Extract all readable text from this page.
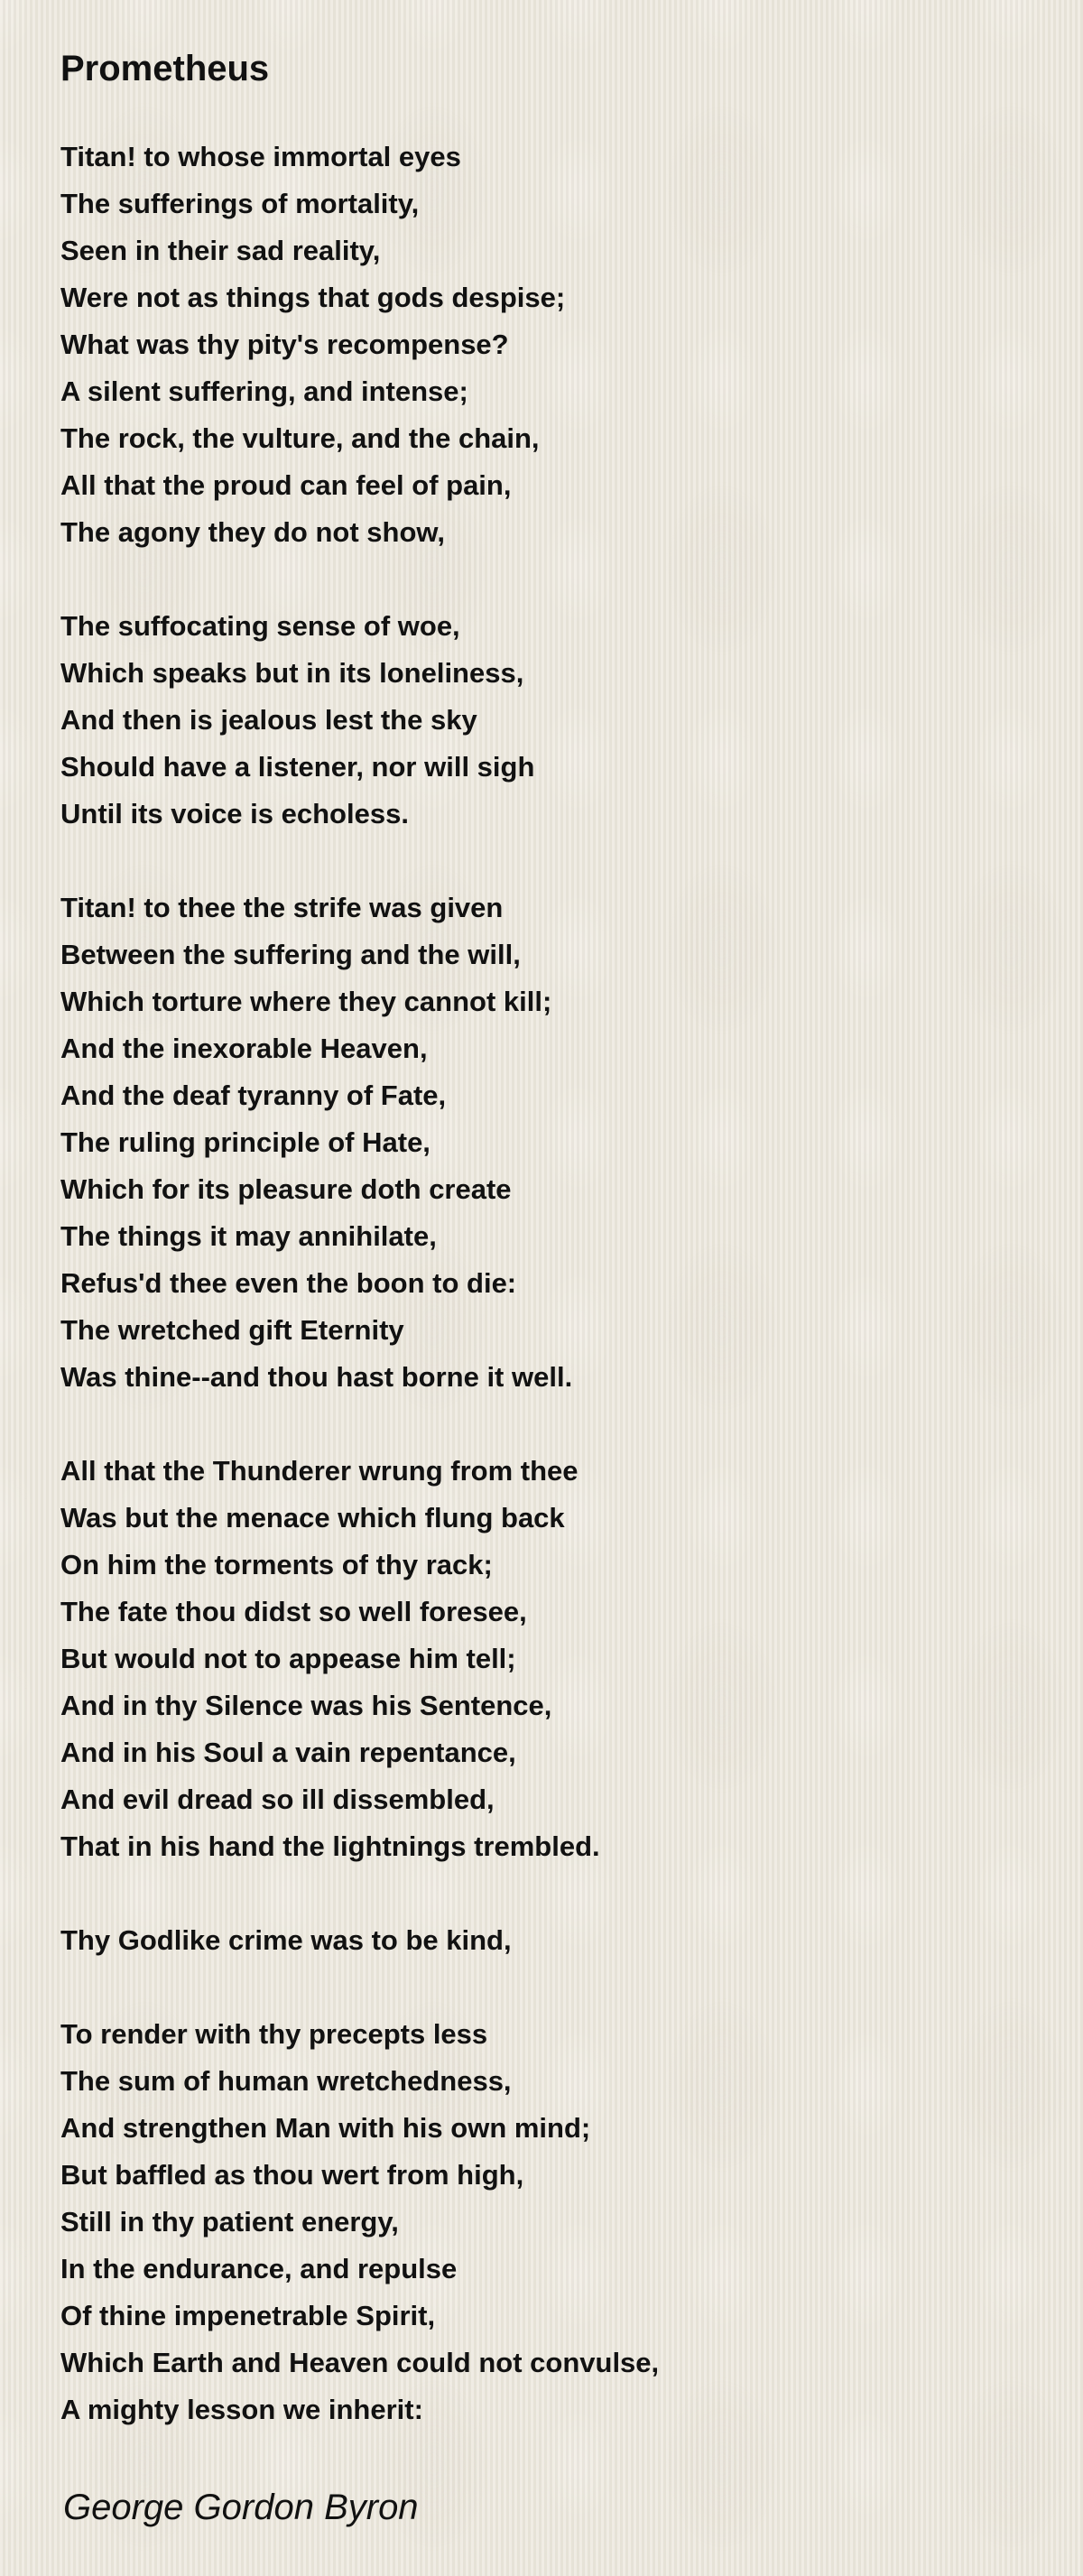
Prometheus
Titan! to whose immortal eyes
The sufferings of mortality,
Seen in their sad reality,
Were not as things that gods despise;
What was thy pity's recompense?
A silent suffering, and intense;
The rock, the vulture, and the chain,
All that the proud can feel of pain,
The agony they do not show,
The suffocating sense of woe,
Which speaks but in its loneliness,
And then is jealous lest the sky
Should have a listener, nor will sigh
Until its voice is echoless.
Titan! to thee the strife was given
Between the suffering and the will,
Which torture where they cannot kill;
And the inexorable Heaven,
And the deaf tyranny of Fate,
The ruling principle of Hate,
Which for its pleasure doth create
The things it may annihilate,
Refus'd thee even the boon to die:
The wretched gift Eternity
Was thine--and thou hast borne it well.
All that the Thunderer wrung from thee
Was but the menace which flung back
On him the torments of thy rack;
The fate thou didst so well foresee,
But would not to appease him tell;
And in thy Silence was his Sentence,
And in his Soul a vain repentance,
And evil dread so ill dissembled,
That in his hand the lightnings trembled.
Thy Godlike crime was to be kind,
To render with thy precepts less
The sum of human wretchedness,
And strengthen Man with his own mind;
But baffled as thou wert from high,
Still in thy patient energy,
In the endurance, and repulse
Of thine impenetrable Spirit,
Which Earth and Heaven could not convulse,
A mighty lesson we inherit:

George Gordon Byron
